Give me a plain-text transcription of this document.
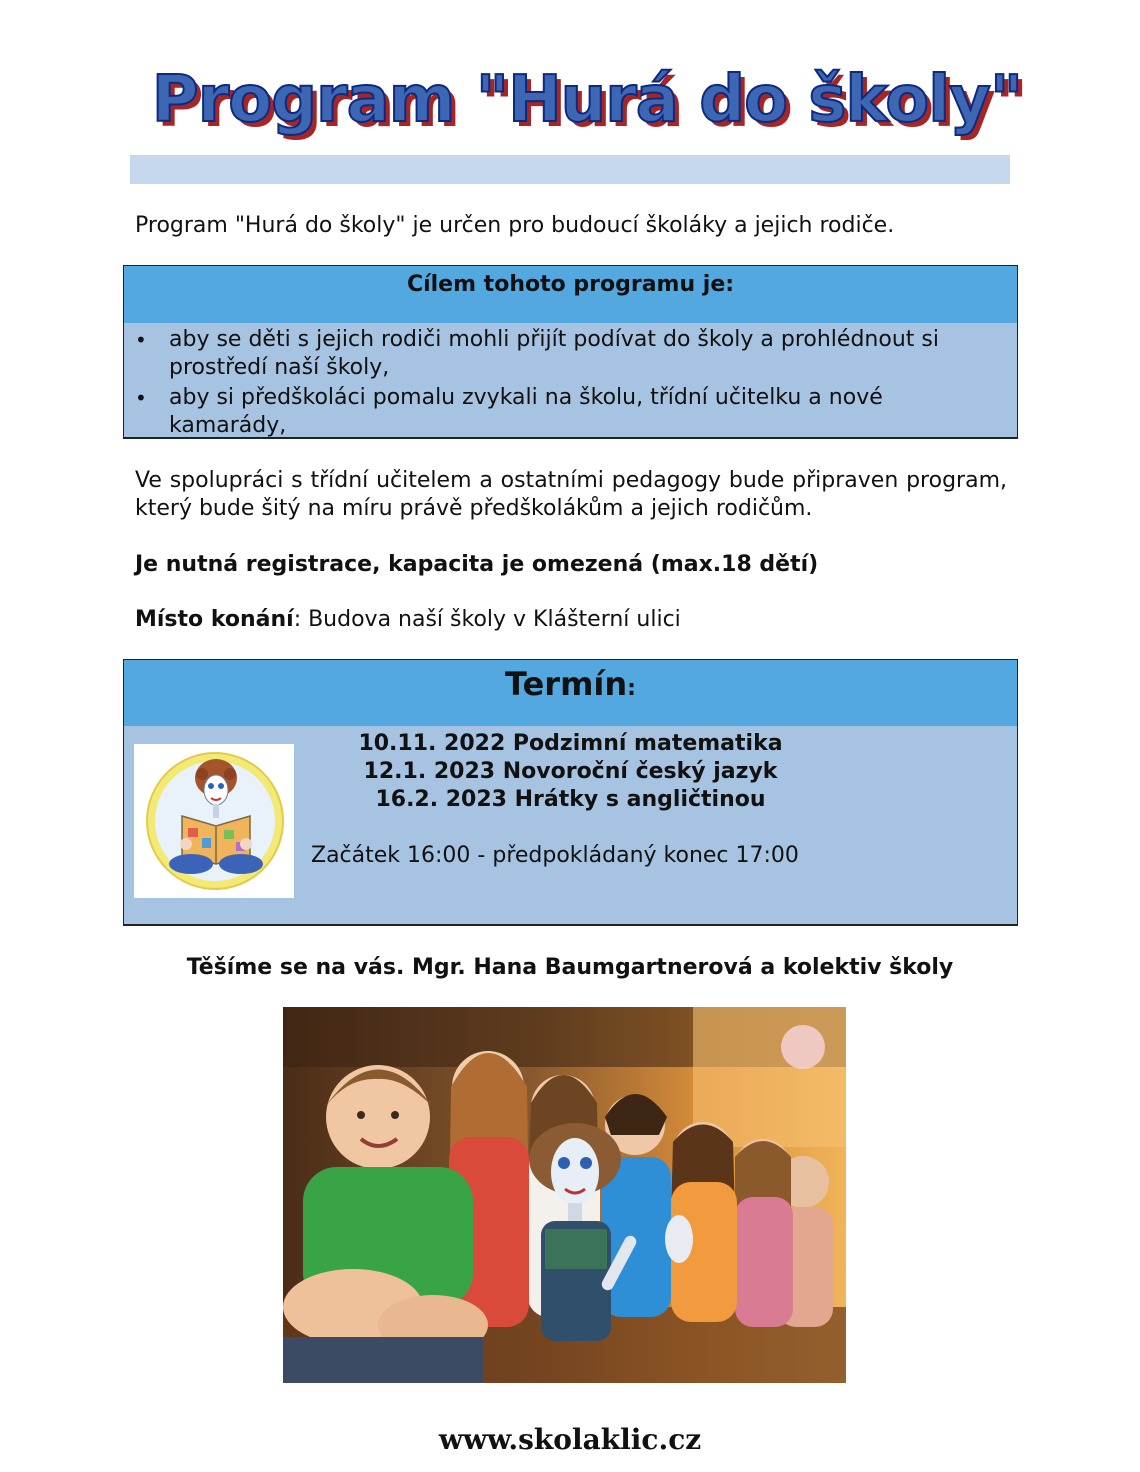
Program "Hurá do školy"

Program "Hurá do školy" je určen pro budoucí školáky a jejich rodiče.

Cílem tohoto programu je:
• aby se děti s jejich rodiči mohli přijít podívat do školy a prohlédnout si prostředí naší školy,
• aby si předškoláci pomalu zvykali na školu, třídní učitelku a nové kamarády,

Ve spolupráci s třídní učitelem a ostatními pedagogy bude připraven program, který bude šitý na míru právě předškolákům a jejich rodičům.

Je nutná registrace, kapacita je omezená (max.18 dětí)

Místo konání: Budova naší školy v Klášterní ulici

Termín:
10.11. 2022 Podzimní matematika
12.1. 2023 Novoroční český jazyk
16.2. 2023 Hrátky s angličtinou
Začátek 16:00 - předpokládaný konec 17:00

Těšíme se na vás. Mgr. Hana Baumgartnerová a kolektiv školy

www.skolaklic.cz
